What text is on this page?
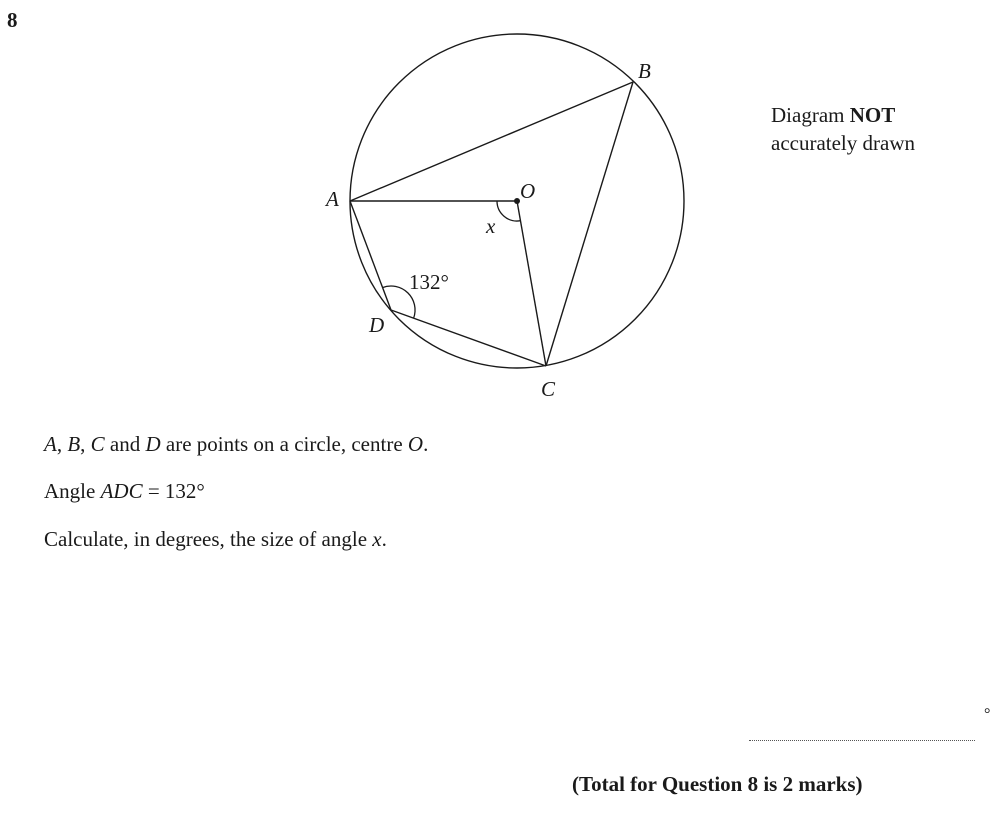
8
A
B
C
D
O
x
132°
Diagram NOT
accurately drawn
A, B, C and D are points on a circle, centre O.
Angle ADC = 132°
Calculate, in degrees, the size of angle x.
°
(Total for Question 8 is 2 marks)
